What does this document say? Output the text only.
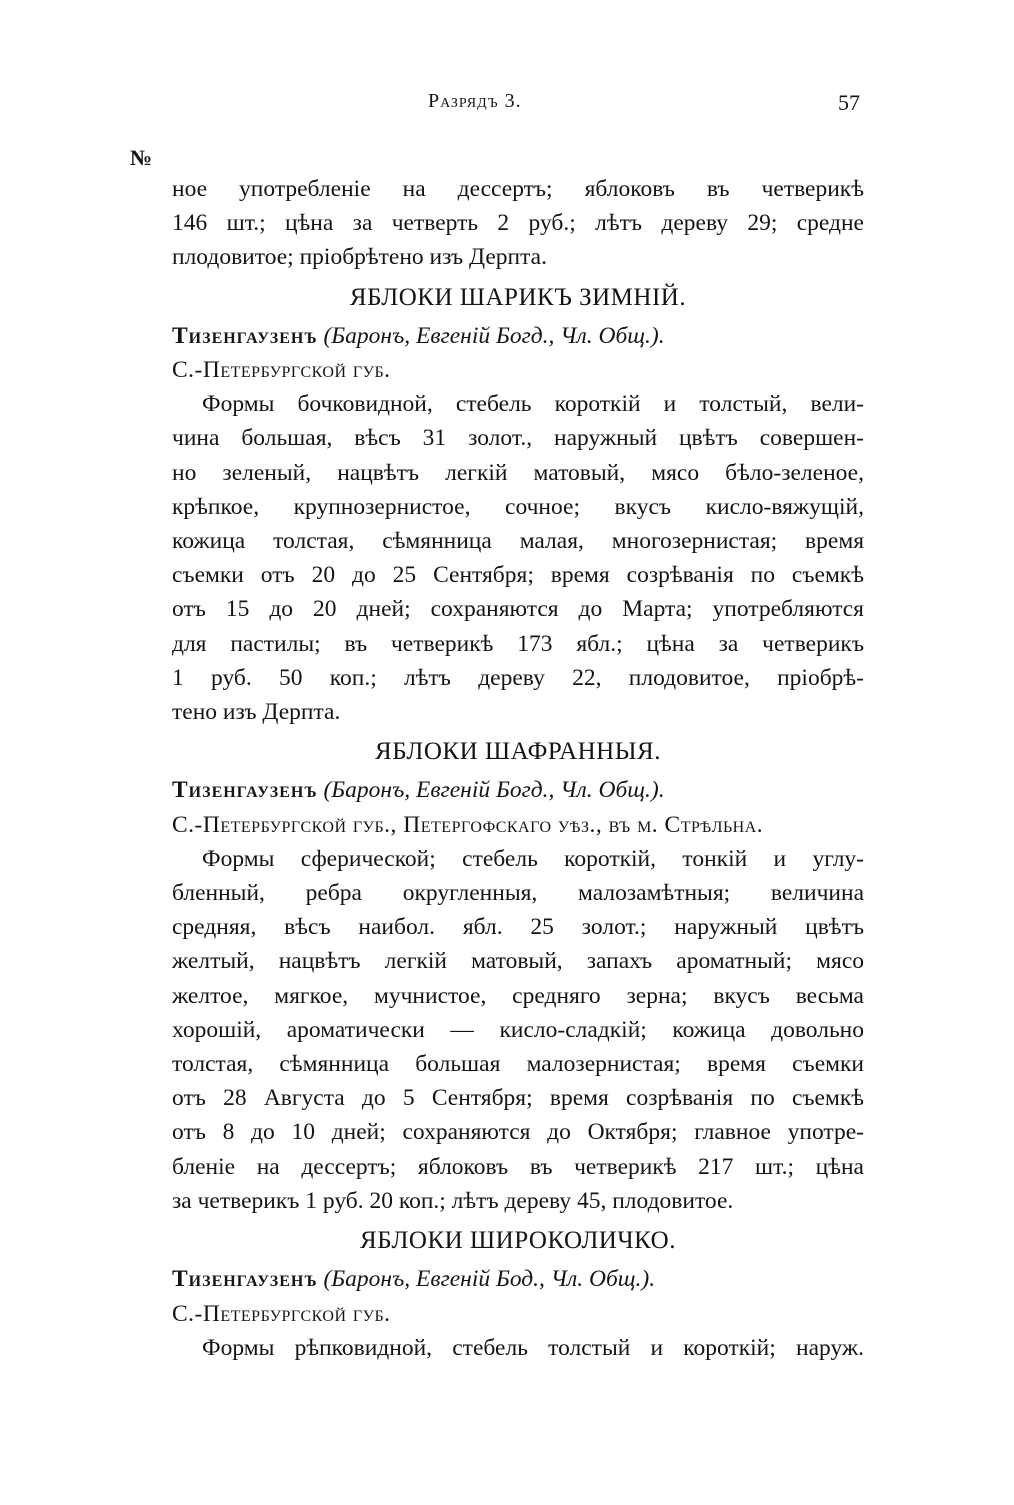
Разрядъ 3.	57
№
ное употребленіе на дессертъ; яблоковъ въ четверикѣ
146 шт.; цѣна за четверть 2 руб.; лѣтъ дереву 29; средне
плодовитое; пріобрѣтено изъ Дерпта.
ЯБЛОКИ ШАРИКЪ ЗИМНІЙ.
Тизенгаузенъ (Баронъ, Евгеній Богд., Чл. Общ.).
С.-Петербургской губ.
Формы бочковидной, стебель короткій и толстый, вели-
чина большая, вѣсъ 31 золот., наружный цвѣтъ совершен-
но зеленый, нацвѣтъ легкій матовый, мясо бѣло-зеленое,
крѣпкое, крупнозернистое, сочное; вкусъ кисло-вяжущій,
кожица толстая, сѣмянница малая, многозернистая; время
съемки отъ 20 до 25 Сентября; время созрѣванія по съемкѣ
отъ 15 до 20 дней; сохраняются до Марта; употребляются
для пастилы; въ четверикѣ 173 ябл.; цѣна за четверикъ
1 руб. 50 коп.; лѣтъ дереву 22, плодовитое, пріобрѣ-
тено изъ Дерпта.
ЯБЛОКИ ШАФРАННЫЯ.
Тизенгаузенъ (Баронъ, Евгеній Богд., Чл. Общ.).
С.-Петербургской губ., Петергофскаго уѣз., въ м. Стрѣльна.
Формы сферической; стебель короткій, тонкій и углу-
бленный, ребра округленныя, малозамѣтныя; величина
средняя, вѣсъ наибол. ябл. 25 золот.; наружный цвѣтъ
желтый, нацвѣтъ легкій матовый, запахъ ароматный; мясо
желтое, мягкое, мучнистое, средняго зерна; вкусъ весьма
хорошій, ароматически — кисло-сладкій; кожица довольно
толстая, сѣмянница большая малозернистая; время съемки
отъ 28 Августа до 5 Сентября; время созрѣванія по съемкѣ
отъ 8 до 10 дней; сохраняются до Октября; главное употре-
бленіе на дессертъ; яблоковъ въ четверикѣ 217 шт.; цѣна
за четверикъ 1 руб. 20 коп.; лѣтъ дереву 45, плодовитое.
ЯБЛОКИ ШИРОКОЛИЧКО.
Тизенгаузенъ (Баронъ, Евгеній Бод., Чл. Общ.).
С.-Петербургской губ.
Формы рѣпковидной, стебель толстый и короткій; наруж.
